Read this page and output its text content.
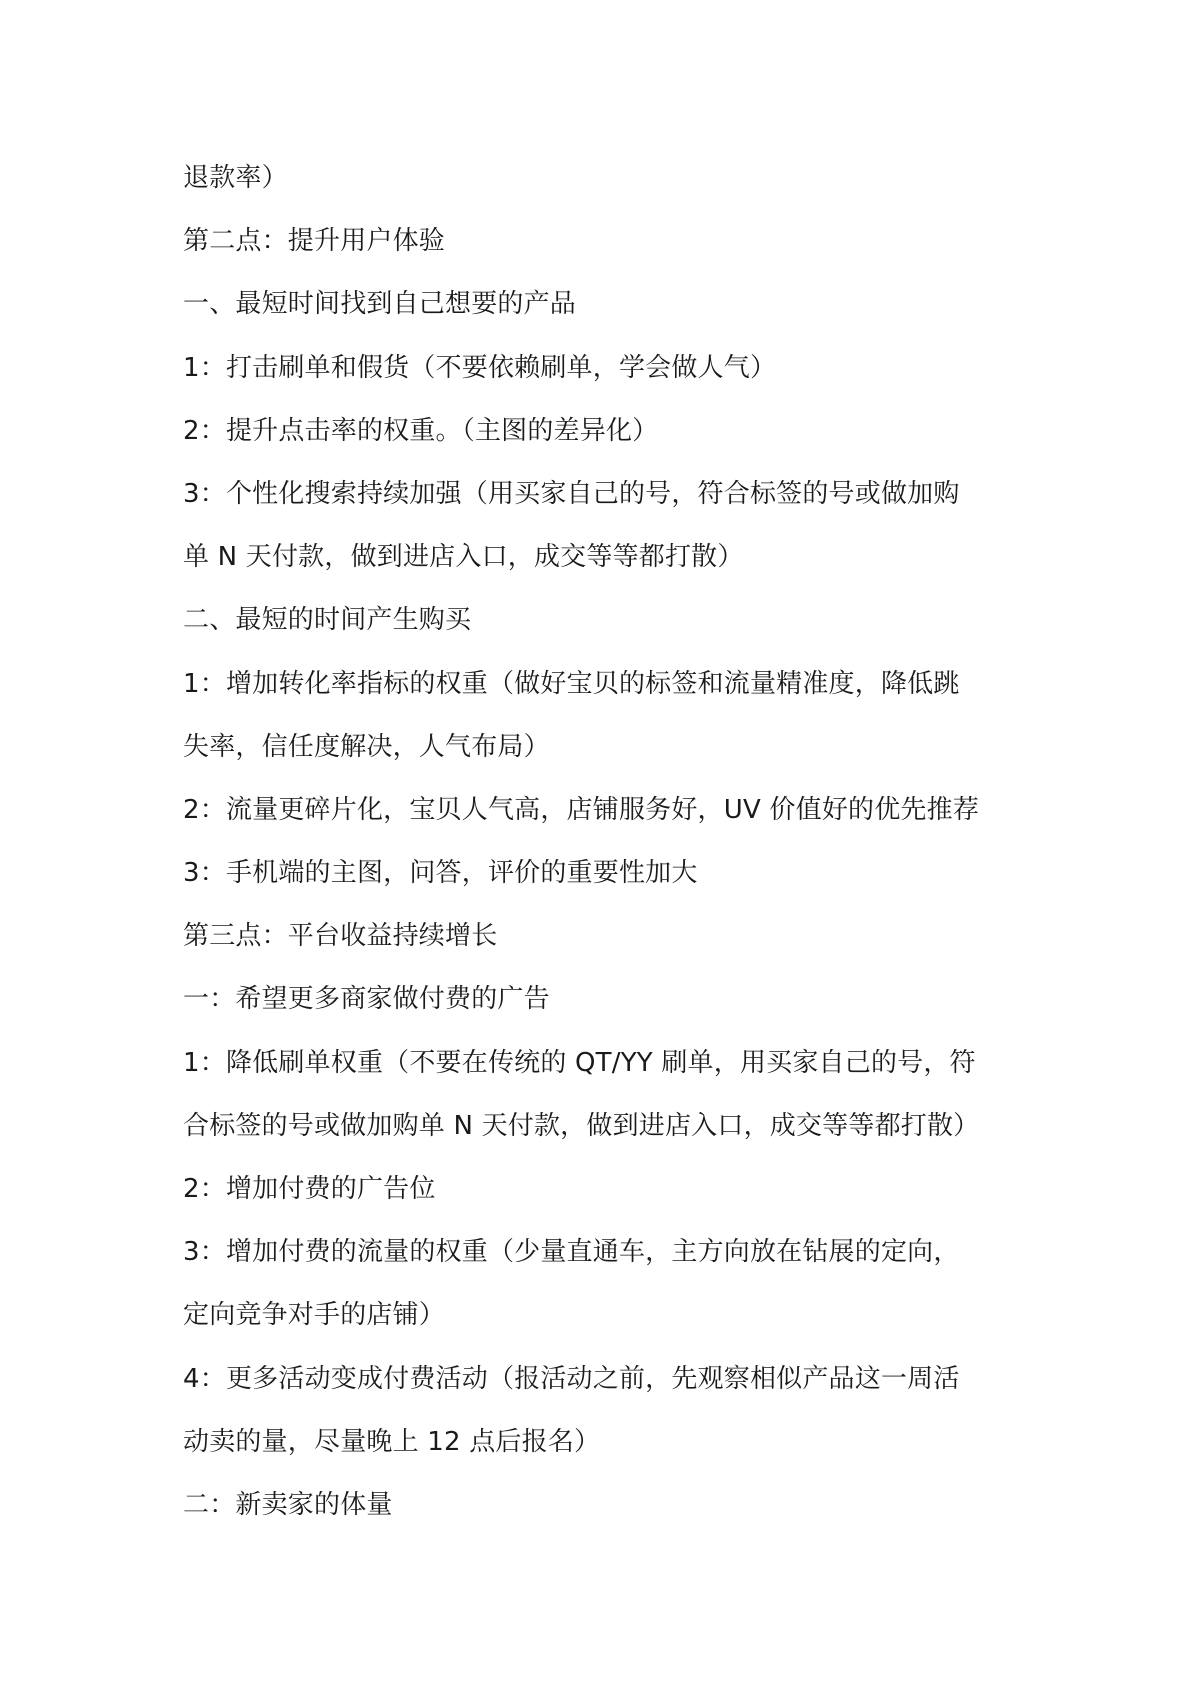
退款率）
第二点：提升用户体验
一、最短时间找到自己想要的产品
1：打击刷单和假货（不要依赖刷单，学会做人气）
2：提升点击率的权重。（主图的差异化）
3：个性化搜索持续加强（用买家自己的号，符合标签的号或做加购
单 N 天付款，做到进店入口，成交等等都打散）
二、最短的时间产生购买
1：增加转化率指标的权重（做好宝贝的标签和流量精准度，降低跳
失率，信任度解决，人气布局）
2：流量更碎片化，宝贝人气高，店铺服务好，UV 价值好的优先推荐
3：手机端的主图，问答，评价的重要性加大
第三点：平台收益持续增长
一：希望更多商家做付费的广告
1：降低刷单权重（不要在传统的 QT/YY 刷单，用买家自己的号，符
合标签的号或做加购单 N 天付款，做到进店入口，成交等等都打散）
2：增加付费的广告位
3：增加付费的流量的权重（少量直通车，主方向放在钻展的定向，
定向竞争对手的店铺）
4：更多活动变成付费活动（报活动之前，先观察相似产品这一周活
动卖的量，尽量晚上 12 点后报名）
二：新卖家的体量
